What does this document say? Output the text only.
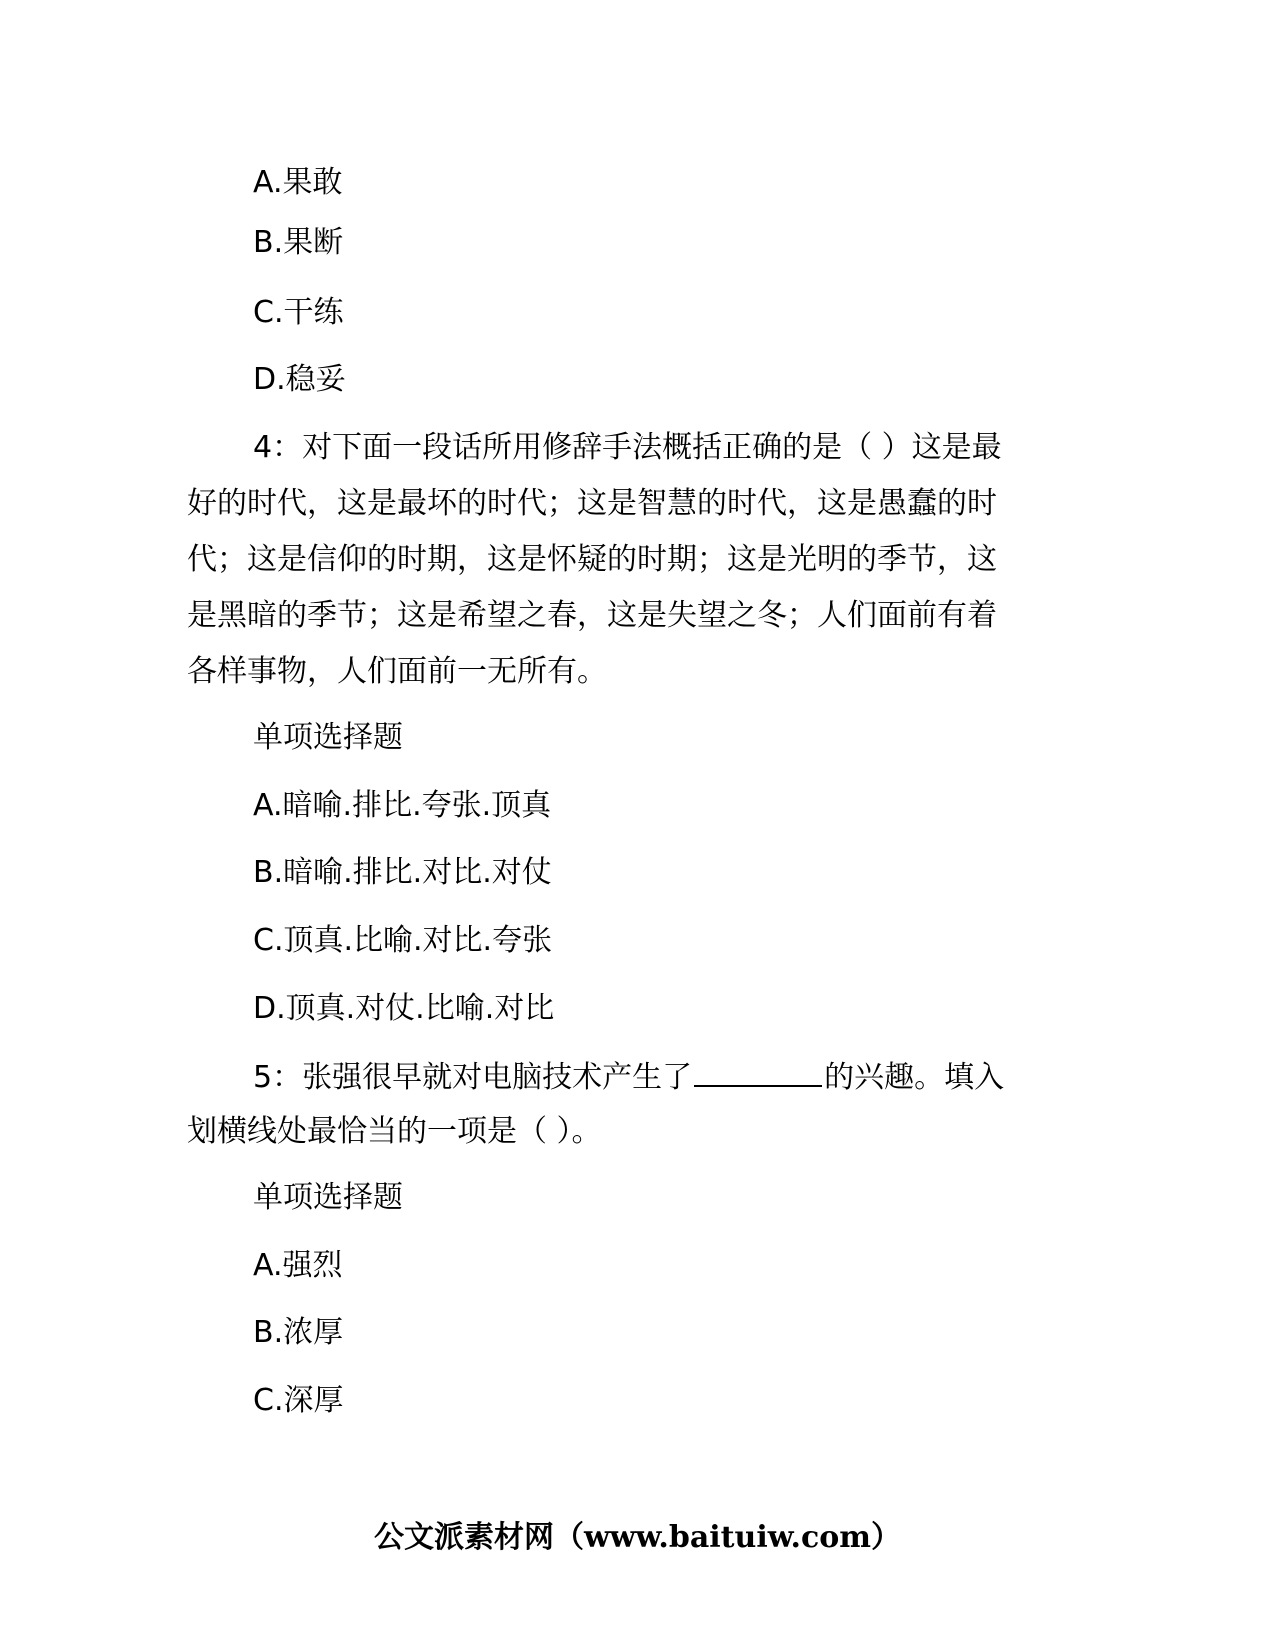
A.果敢
B.果断
C.干练
D.稳妥
4：对下面一段话所用修辞手法概括正确的是（ ）这是最
好的时代，这是最坏的时代；这是智慧的时代，这是愚蠢的时
代；这是信仰的时期，这是怀疑的时期；这是光明的季节，这
是黑暗的季节；这是希望之春，这是失望之冬；人们面前有着
各样事物，人们面前一无所有。
单项选择题
A.暗喻.排比.夸张.顶真
B.暗喻.排比.对比.对仗
C.顶真.比喻.对比.夸张
D.顶真.对仗.比喻.对比
5：张强很早就对电脑技术产生了	的兴趣。填入
划横线处最恰当的一项是（ ）。
单项选择题
A.强烈
B.浓厚
C.深厚
公文派素材网（www.baituiw.com）
